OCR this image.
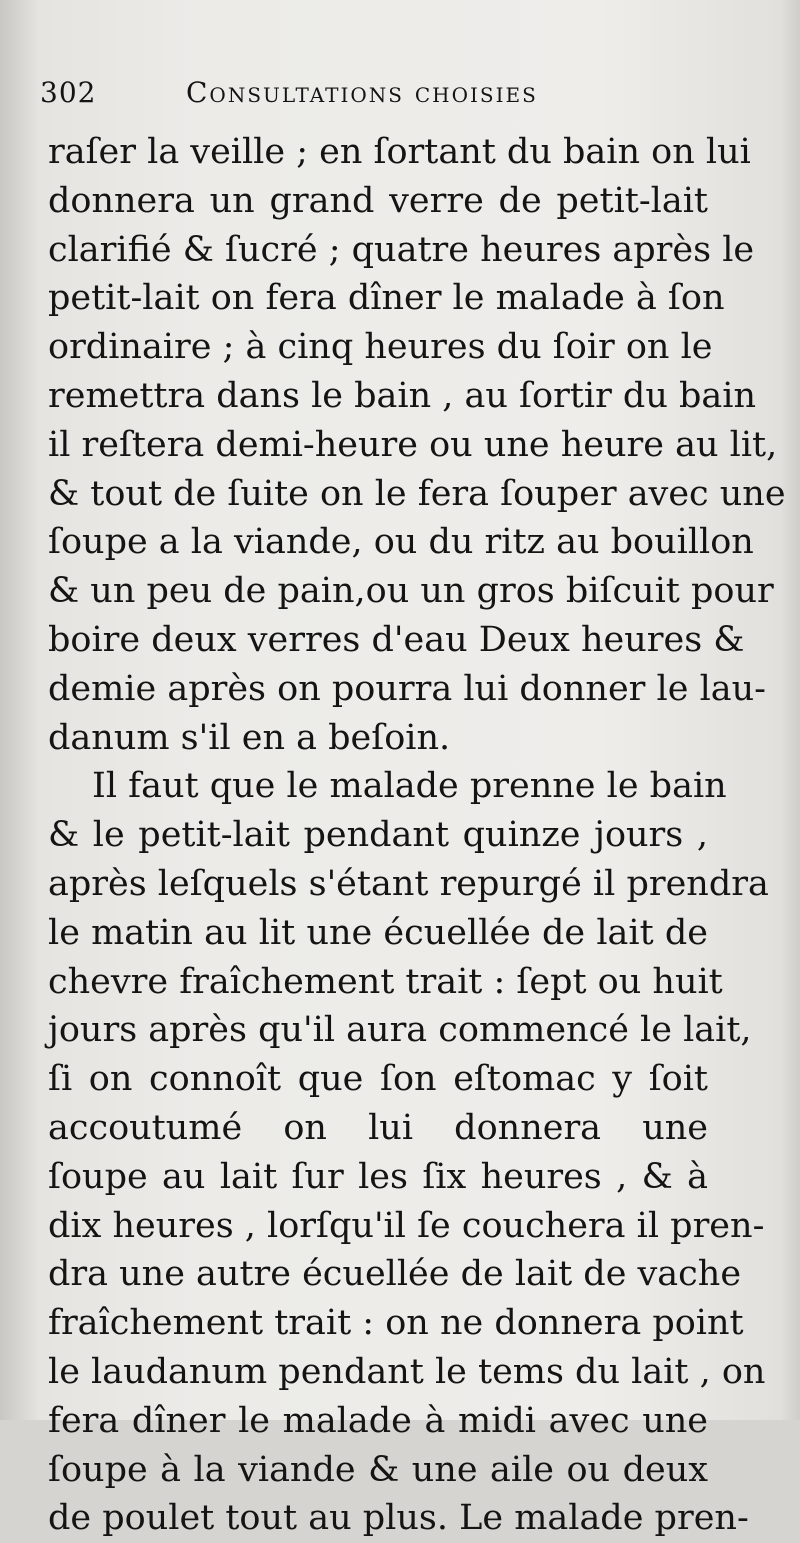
302	Consultations choisies
raſer la veille ; en ſortant du bain on lui
donnera un grand verre de petit-lait
clarifié & ſucré ; quatre heures après le
petit-lait on fera dîner le malade à ſon
ordinaire ; à cinq heures du ſoir on le
remettra dans le bain , au ſortir du bain
il reſtera demi-heure ou une heure au lit,
& tout de ſuite on le fera ſouper avec une
ſoupe a la viande, ou du ritz au bouillon
& un peu de pain,ou un gros biſcuit pour
boire deux verres d'eau Deux heures &
demie après on pourra lui donner le lau-
danum s'il en a beſoin.
Il faut que le malade prenne le bain
& le petit-lait pendant quinze jours ,
après leſquels s'étant repurgé il prendra
le matin au lit une écuellée de lait de
chevre fraîchement trait : ſept ou huit
jours après qu'il aura commencé le lait,
ſi on connoît que ſon eſtomac y ſoit
accoutumé on lui donnera une
ſoupe au lait ſur les ſix heures , & à
dix heures , lorſqu'il ſe couchera il pren-
dra une autre écuellée de lait de vache
fraîchement trait : on ne donnera point
le laudanum pendant le tems du lait , on
fera dîner le malade à midi avec une
ſoupe à la viande & une aile ou deux
de poulet tout au plus. Le malade pren-
